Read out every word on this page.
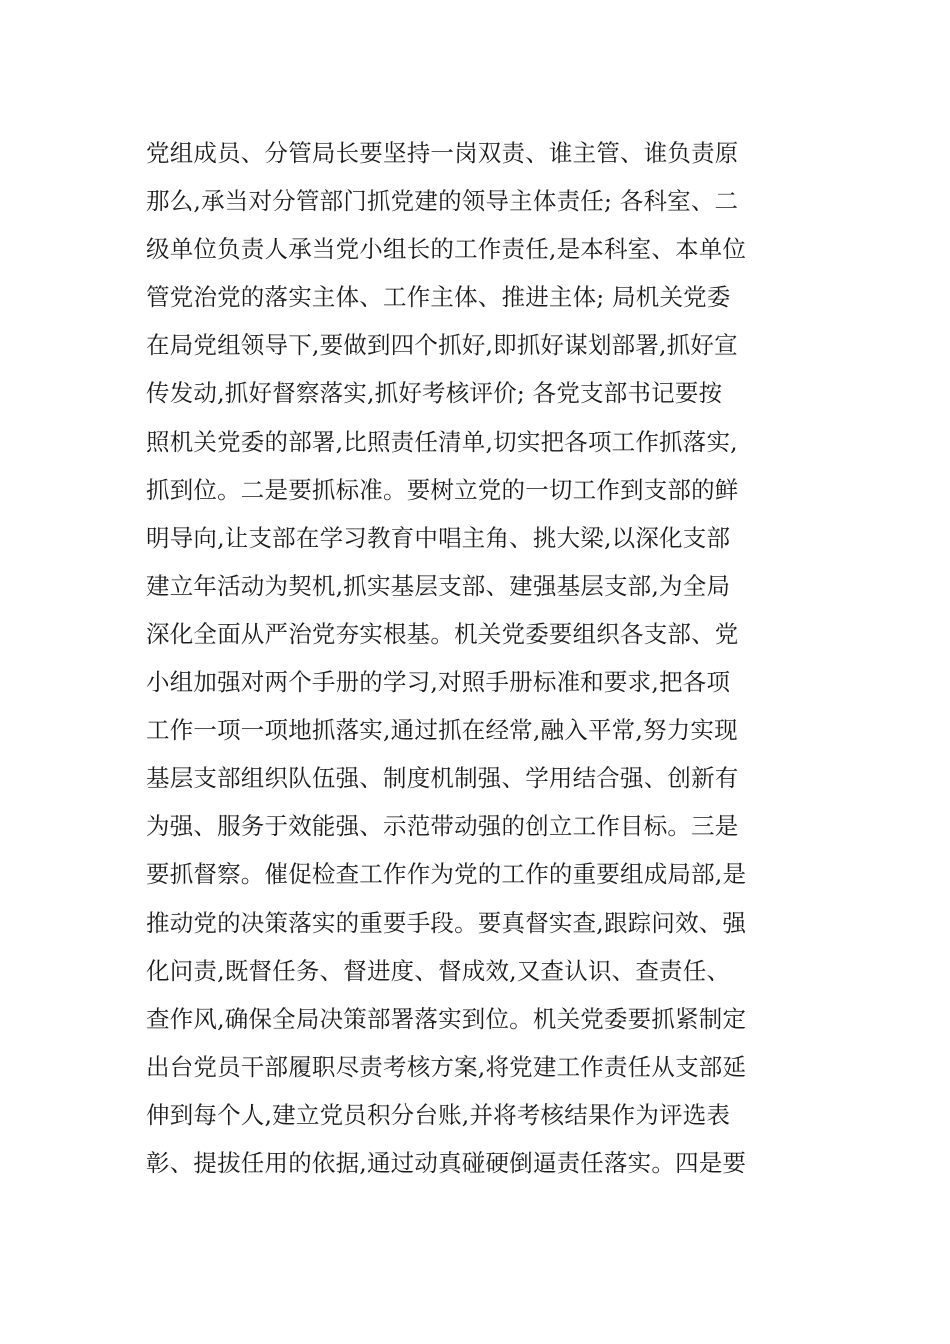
党组成员、分管局长要坚持一岗双责、谁主管、谁负责原
那么,承当对分管部门抓党建的领导主体责任; 各科室、二
级单位负责人承当党小组长的工作责任,是本科室、本单位
管党治党的落实主体、工作主体、推进主体; 局机关党委
在局党组领导下,要做到四个抓好,即抓好谋划部署,抓好宣
传发动,抓好督察落实,抓好考核评价; 各党支部书记要按
照机关党委的部署,比照责任清单,切实把各项工作抓落实,
抓到位。二是要抓标准。要树立党的一切工作到支部的鲜
明导向,让支部在学习教育中唱主角、挑大梁,以深化支部
建立年活动为契机,抓实基层支部、建强基层支部,为全局
深化全面从严治党夯实根基。机关党委要组织各支部、党
小组加强对两个手册的学习,对照手册标准和要求,把各项
工作一项一项地抓落实,通过抓在经常,融入平常,努力实现
基层支部组织队伍强、制度机制强、学用结合强、创新有
为强、服务于效能强、示范带动强的创立工作目标。三是
要抓督察。催促检查工作作为党的工作的重要组成局部,是
推动党的决策落实的重要手段。要真督实查,跟踪问效、强
化问责,既督任务、督进度、督成效,又查认识、查责任、
查作风,确保全局决策部署落实到位。机关党委要抓紧制定
出台党员干部履职尽责考核方案,将党建工作责任从支部延
伸到每个人,建立党员积分台账,并将考核结果作为评选表
彰、提拔任用的依据,通过动真碰硬倒逼责任落实。四是要
